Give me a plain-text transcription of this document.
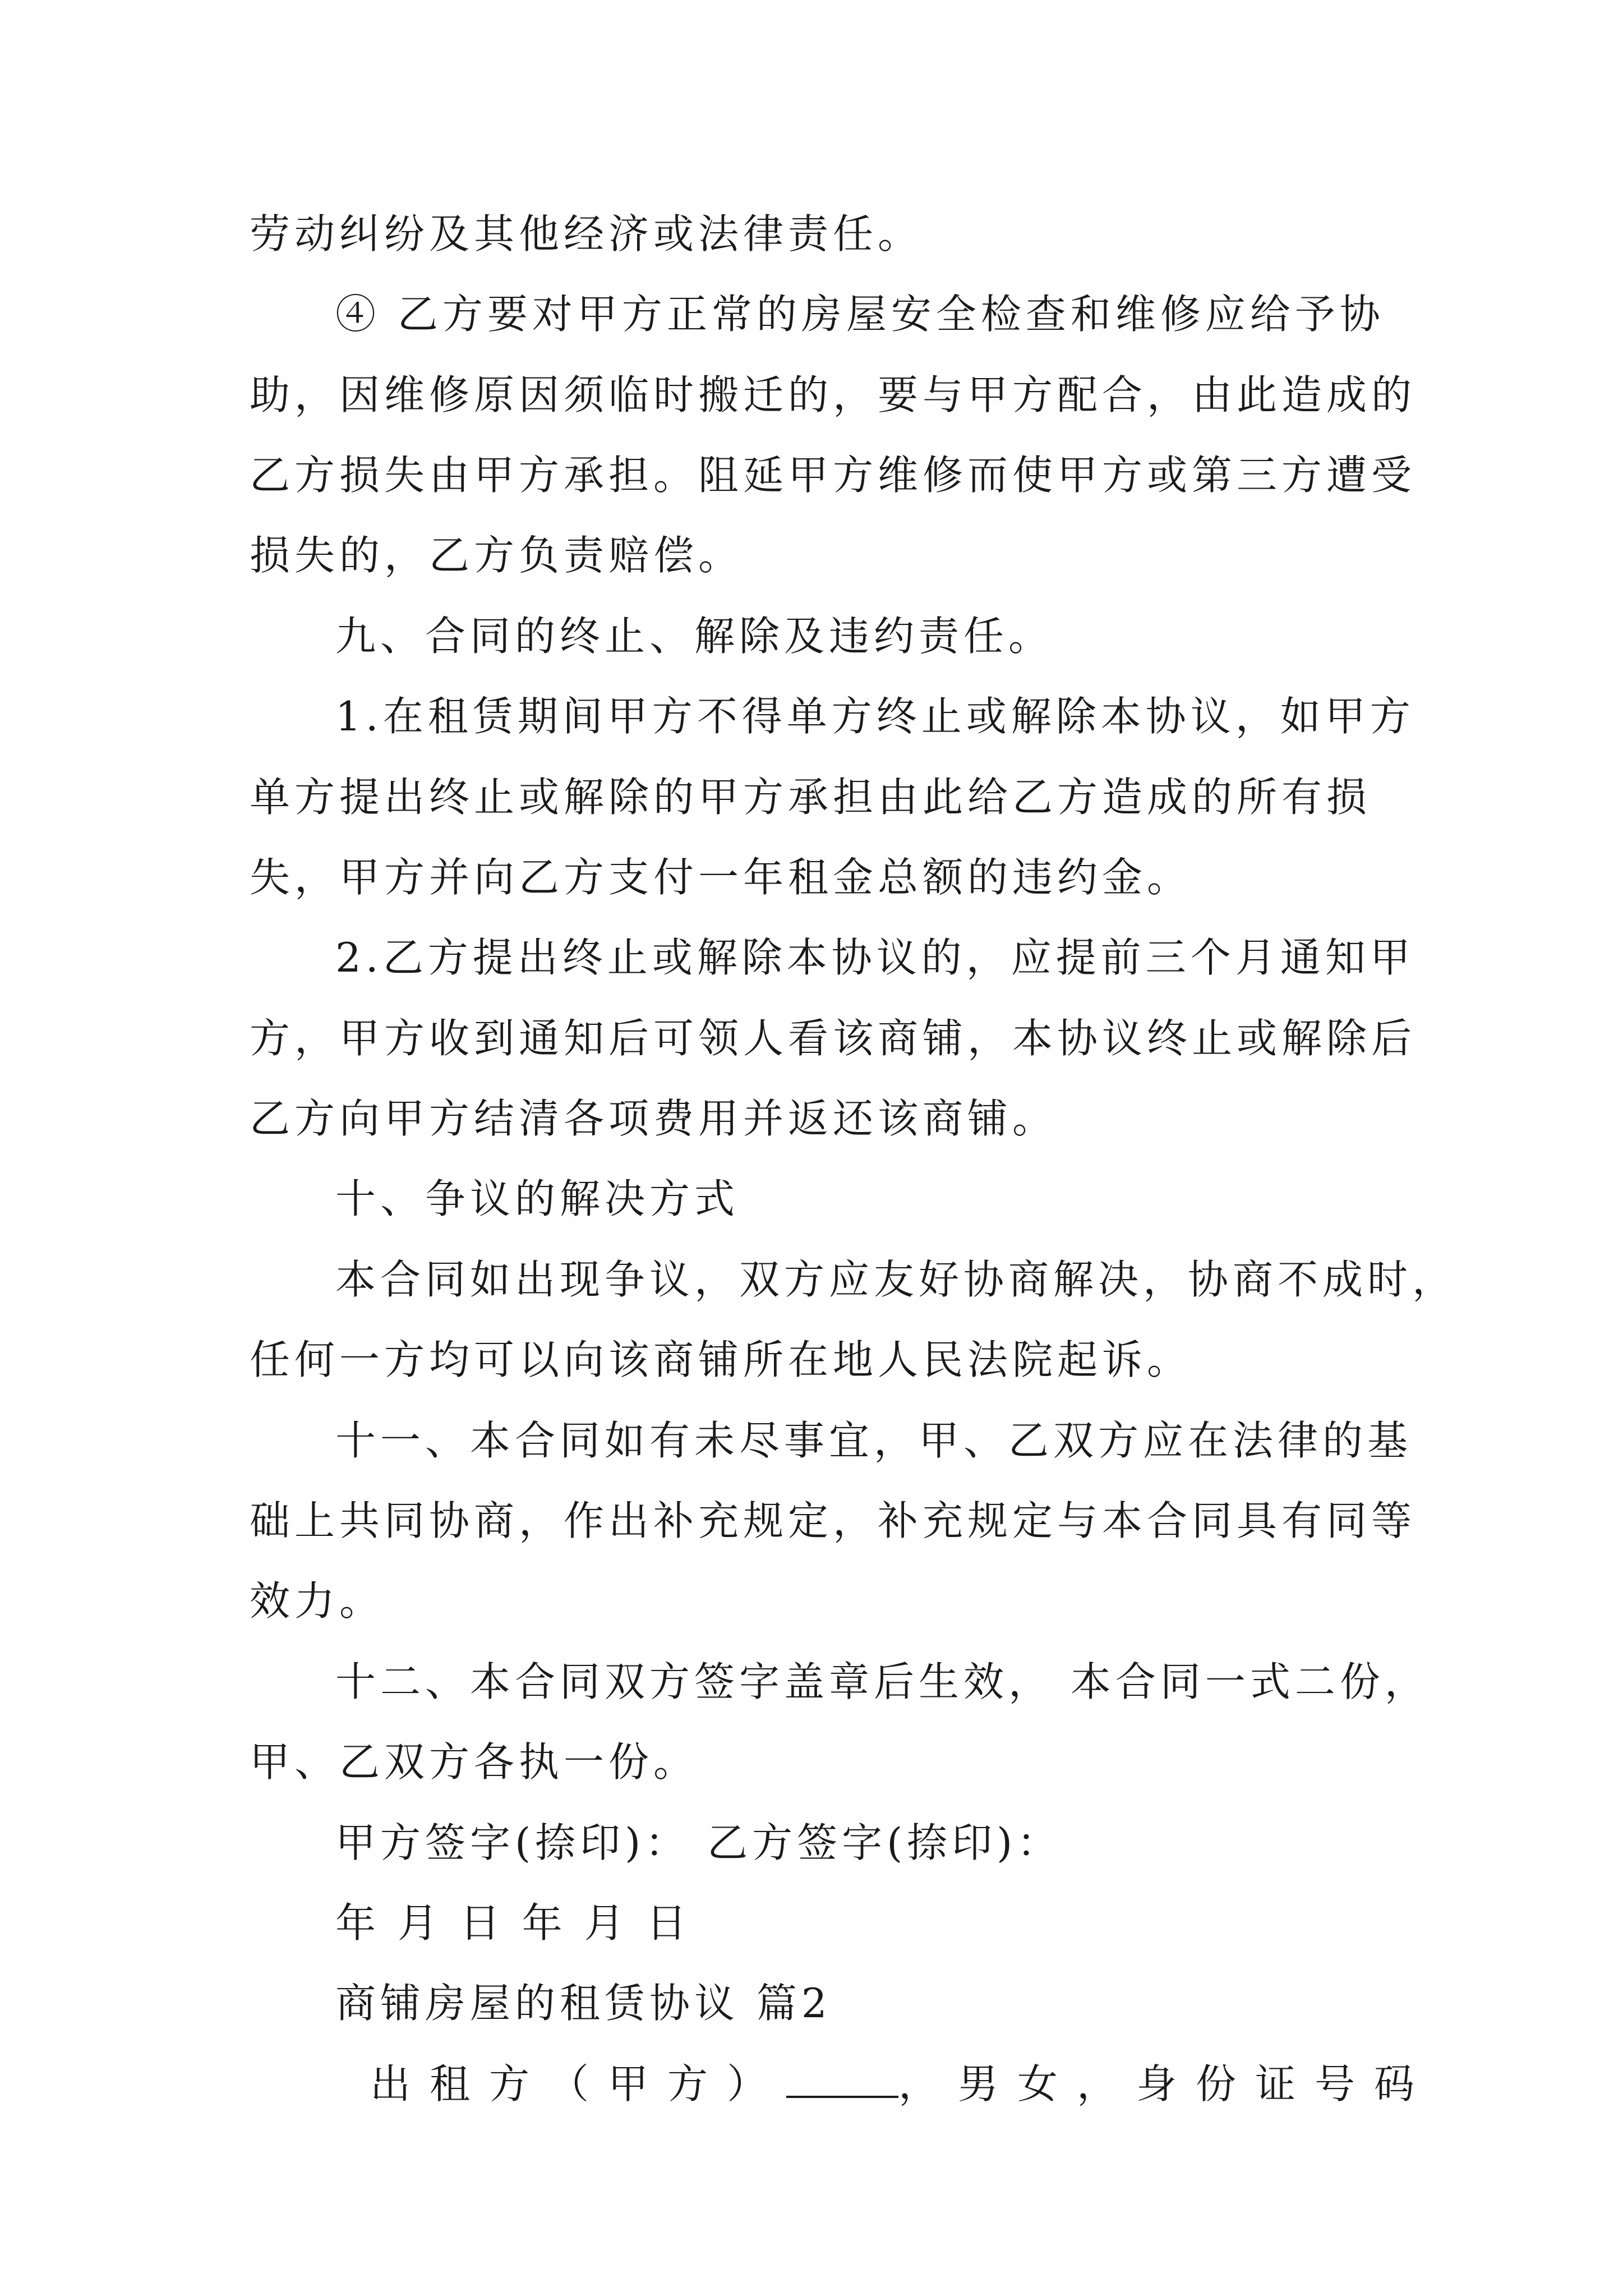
劳动纠纷及其他经济或法律责任。
④ 乙方要对甲方正常的房屋安全检查和维修应给予协
助，因维修原因须临时搬迁的，要与甲方配合，由此造成的
乙方损失由甲方承担。阻延甲方维修而使甲方或第三方遭受
损失的，乙方负责赔偿。
九、合同的终止、解除及违约责任。
1.在租赁期间甲方不得单方终止或解除本协议，如甲方
单方提出终止或解除的甲方承担由此给乙方造成的所有损
失，甲方并向乙方支付一年租金总额的违约金。
2.乙方提出终止或解除本协议的，应提前三个月通知甲
方，甲方收到通知后可领人看该商铺，本协议终止或解除后
乙方向甲方结清各项费用并返还该商铺。
十、争议的解决方式
本合同如出现争议，双方应友好协商解决，协商不成时，
任何一方均可以向该商铺所在地人民法院起诉。
十一、本合同如有未尽事宜，甲、乙双方应在法律的基
础上共同协商，作出补充规定，补充规定与本合同具有同等
效力。
十二、本合同双方签字盖章后生效， 本合同一式二份，
甲、乙双方各执一份。
甲方签字(捺印)： 乙方签字(捺印)：
年 月 日 年 月 日
商铺房屋的租赁协议 篇2
出租方（甲方）	，男女，身份证号码
